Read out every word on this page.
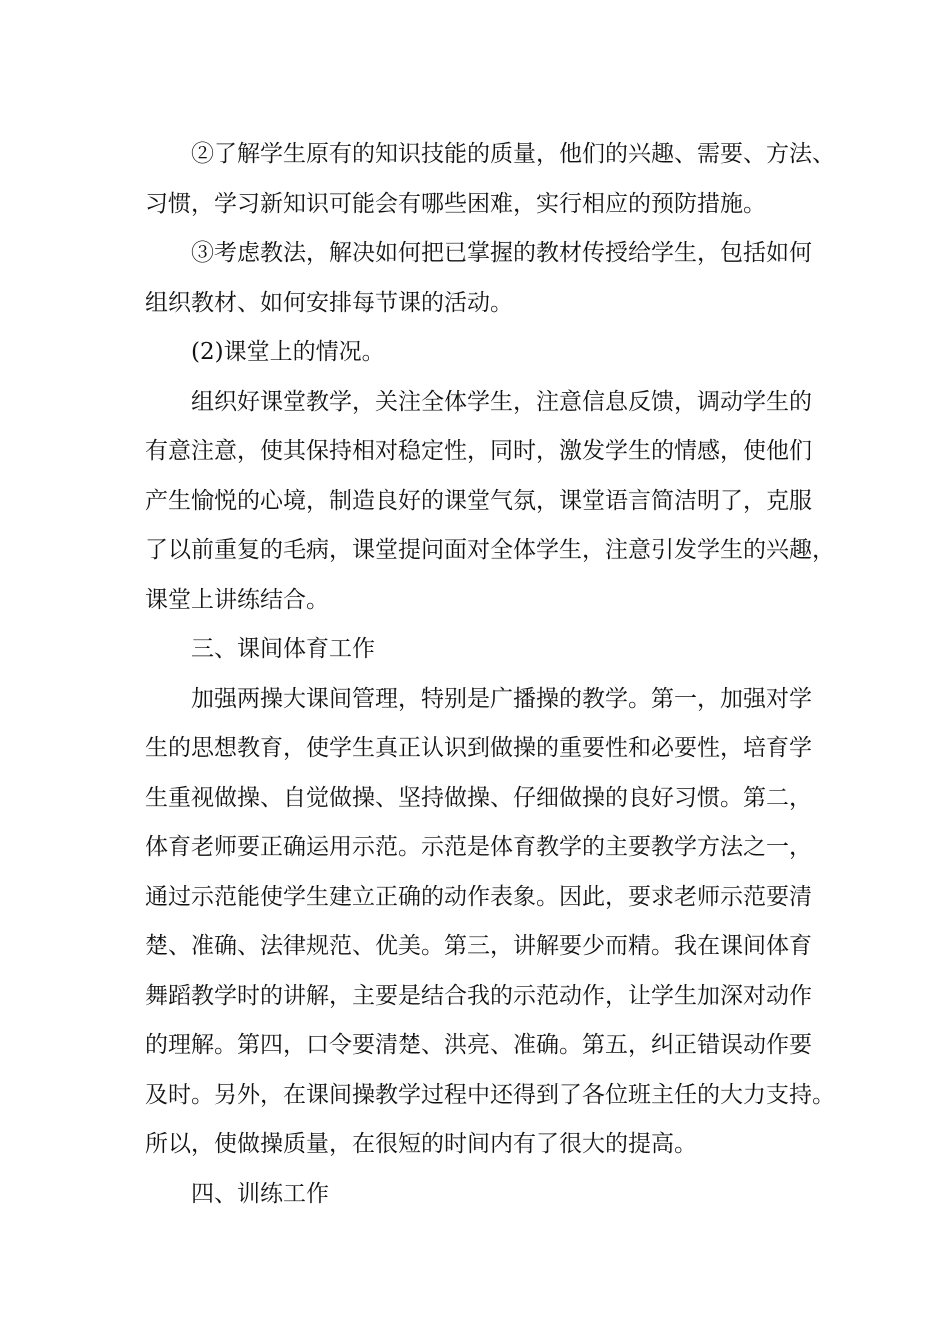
②了解学生原有的知识技能的质量，他们的兴趣、需要、方法、
习惯，学习新知识可能会有哪些困难，实行相应的预防措施。
③考虑教法，解决如何把已掌握的教材传授给学生，包括如何
组织教材、如何安排每节课的活动。
(2)课堂上的情况。
组织好课堂教学，关注全体学生，注意信息反馈，调动学生的
有意注意，使其保持相对稳定性，同时，激发学生的情感，使他们
产生愉悦的心境，制造良好的课堂气氛，课堂语言简洁明了，克服
了以前重复的毛病，课堂提问面对全体学生，注意引发学生的兴趣，
课堂上讲练结合。
三、课间体育工作
加强两操大课间管理，特别是广播操的教学。第一，加强对学
生的思想教育，使学生真正认识到做操的重要性和必要性，培育学
生重视做操、自觉做操、坚持做操、仔细做操的良好习惯。第二，
体育老师要正确运用示范。示范是体育教学的主要教学方法之一，
通过示范能使学生建立正确的动作表象。因此，要求老师示范要清
楚、准确、法律规范、优美。第三，讲解要少而精。我在课间体育
舞蹈教学时的讲解，主要是结合我的示范动作，让学生加深对动作
的理解。第四，口令要清楚、洪亮、准确。第五，纠正错误动作要
及时。另外，在课间操教学过程中还得到了各位班主任的大力支持。
所以，使做操质量，在很短的时间内有了很大的提高。
四、训练工作
